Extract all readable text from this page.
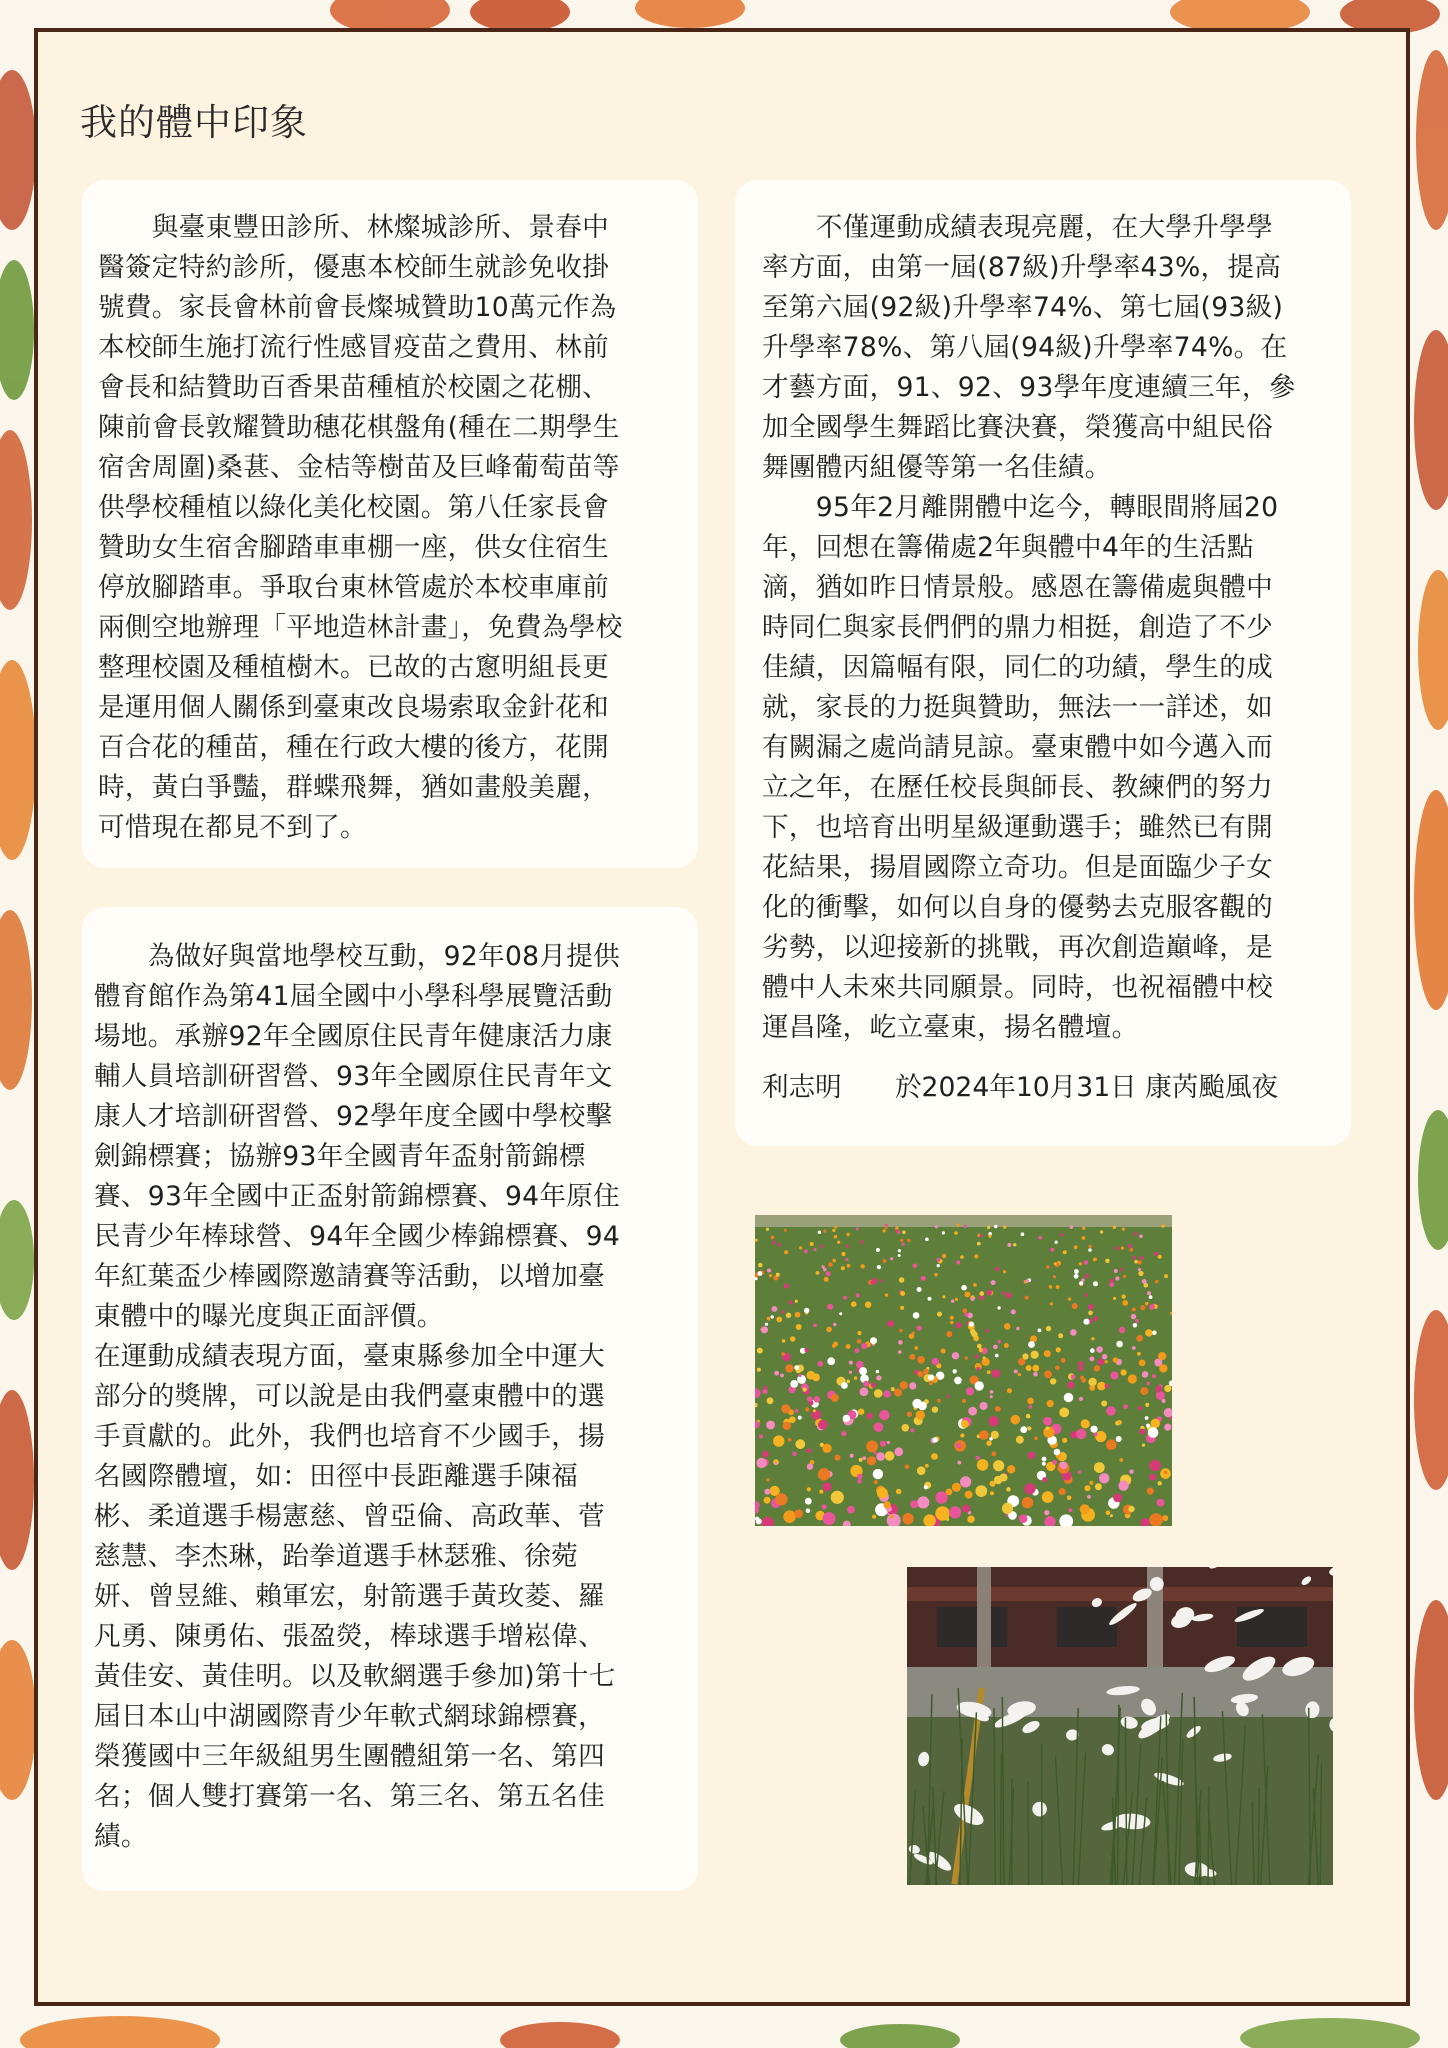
我的體中印象

　　與臺東豐田診所、林燦城診所、景春中
醫簽定特約診所，優惠本校師生就診免收掛
號費。家長會林前會長燦城贊助10萬元作為
本校師生施打流行性感冒疫苗之費用、林前
會長和結贊助百香果苗種植於校園之花棚、
陳前會長敦耀贊助穗花棋盤角(種在二期學生
宿舍周圍)桑葚、金桔等樹苗及巨峰葡萄苗等
供學校種植以綠化美化校園。第八任家長會
贊助女生宿舍腳踏車車棚一座，供女住宿生
停放腳踏車。爭取台東林管處於本校車庫前
兩側空地辦理「平地造林計畫」，免費為學校
整理校園及種植樹木。已故的古窻明組長更
是運用個人關係到臺東改良場索取金針花和
百合花的種苗，種在行政大樓的後方，花開
時，黃白爭豔，群蝶飛舞，猶如畫般美麗，
可惜現在都見不到了。

　　為做好與當地學校互動，92年08月提供
體育館作為第41屆全國中小學科學展覽活動
場地。承辦92年全國原住民青年健康活力康
輔人員培訓研習營、93年全國原住民青年文
康人才培訓研習營、92學年度全國中學校擊
劍錦標賽；協辦93年全國青年盃射箭錦標
賽、93年全國中正盃射箭錦標賽、94年原住
民青少年棒球營、94年全國少棒錦標賽、94
年紅葉盃少棒國際邀請賽等活動，以增加臺
東體中的曝光度與正面評價。
在運動成績表現方面，臺東縣參加全中運大
部分的獎牌，可以說是由我們臺東體中的選
手貢獻的。此外，我們也培育不少國手，揚
名國際體壇，如：田徑中長距離選手陳福
彬、柔道選手楊憲慈、曾亞倫、高政華、菅
慈慧、李杰琳，跆拳道選手林瑟雅、徐菀
妍、曾昱維、賴軍宏，射箭選手黃玫菱、羅
凡勇、陳勇佑、張盈熒，棒球選手增崧偉、
黃佳安、黃佳明。以及軟網選手參加)第十七
屆日本山中湖國際青少年軟式網球錦標賽，
榮獲國中三年級組男生團體組第一名、第四
名；個人雙打賽第一名、第三名、第五名佳
績。

　　不僅運動成績表現亮麗，在大學升學學
率方面，由第一屆(87級)升學率43%，提高
至第六屆(92級)升學率74%、第七屆(93級)
升學率78%、第八屆(94級)升學率74%。在
才藝方面，91、92、93學年度連續三年，參
加全國學生舞蹈比賽決賽，榮獲高中組民俗
舞團體丙組優等第一名佳績。
　　95年2月離開體中迄今，轉眼間將屆20
年，回想在籌備處2年與體中4年的生活點
滴，猶如昨日情景般。感恩在籌備處與體中
時同仁與家長們們的鼎力相挺，創造了不少
佳績，因篇幅有限，同仁的功績，學生的成
就，家長的力挺與贊助，無法一一詳述，如
有闕漏之處尚請見諒。臺東體中如今邁入而
立之年，在歷任校長與師長、教練們的努力
下，也培育出明星級運動選手；雖然已有開
花結果，揚眉國際立奇功。但是面臨少子女
化的衝擊，如何以自身的優勢去克服客觀的
劣勢，以迎接新的挑戰，再次創造巔峰，是
體中人未來共同願景。同時，也祝福體中校
運昌隆，屹立臺東，揚名體壇。

利志明　　於2024年10月31日 康芮颱風夜
